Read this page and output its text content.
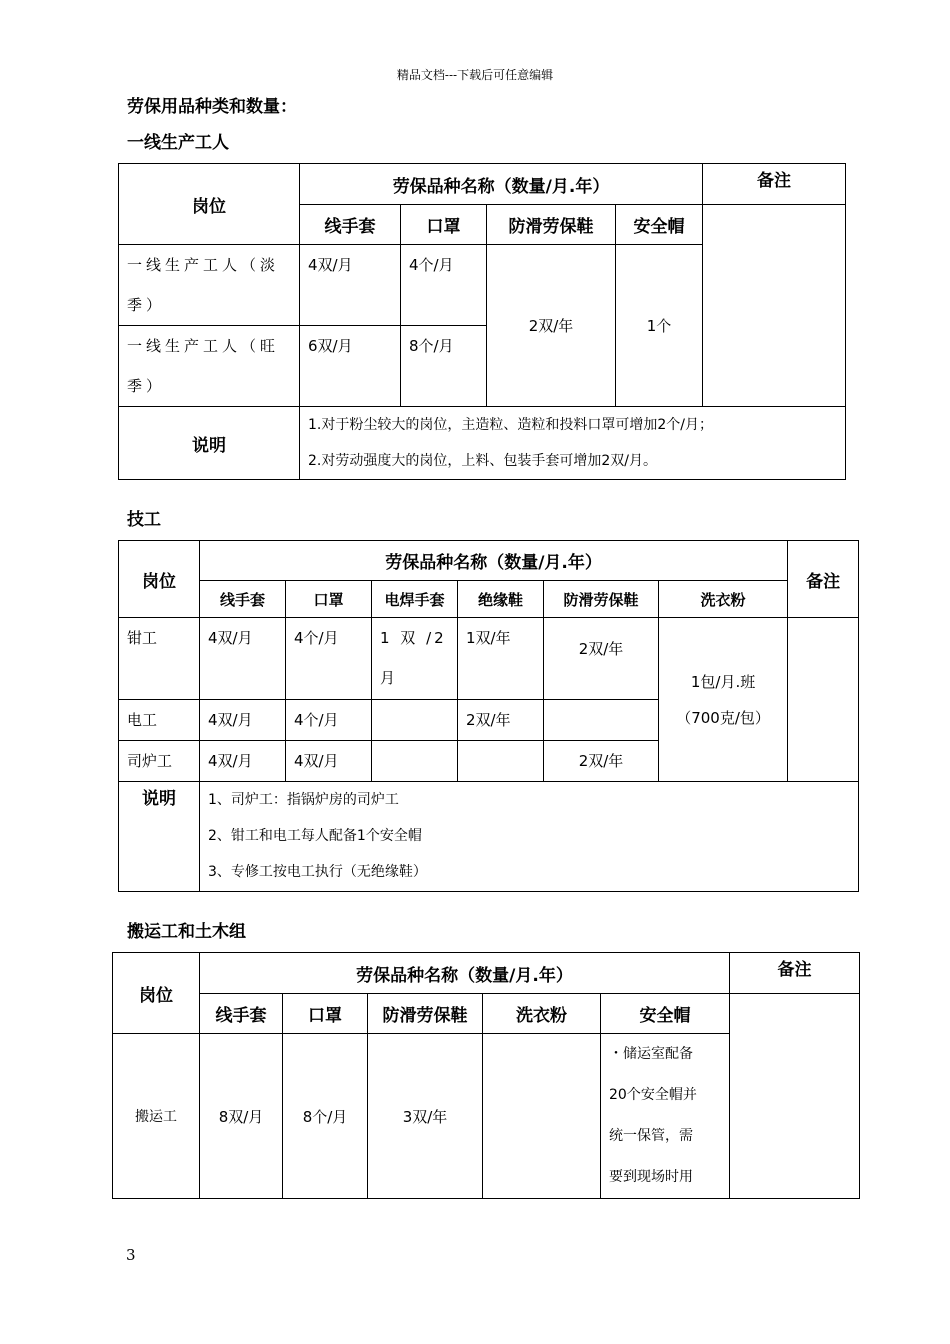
精品文档---下载后可任意编辑
劳保用品种类和数量：
一线生产工人
岗位	劳保品种名称（数量/月.年）				备注
	线手套	口罩	防滑劳保鞋	安全帽	
一线生产工人（淡季）	4双/月	4个/月	2双/年	1个	
一线生产工人（旺季）	6双/月	8个/月			
说明	1.对于粉尘较大的岗位，主造粒、造粒和投料口罩可增加2个/月；
2.对劳动强度大的岗位，上料、包装手套可增加2双/月。				
技工
岗位	劳保品种名称（数量/月.年）						备注
	线手套	口罩	电焊手套	绝缘鞋	防滑劳保鞋	洗衣粉	
钳工	4双/月	4个/月	1 双 /2 月	1双/年	2双/年	1包/月.班
（700克/包）	

电工	4双/月	4个/月		2双/年			
司炉工	4双/月	4双/月			2双/年		
说明	1、司炉工：指锅炉房的司炉工
2、钳工和电工每人配备1个安全帽
3、专修工按电工执行（无绝缘鞋）						
搬运工和土木组
岗位	劳保品种名称（数量/月.年）					备注
	线手套	口罩	防滑劳保鞋	洗衣粉	安全帽	
搬运工	8双/月	8个/月	3双/年		・储运室配备
20个安全帽并
统一保管，需
要到现场时用	
3
